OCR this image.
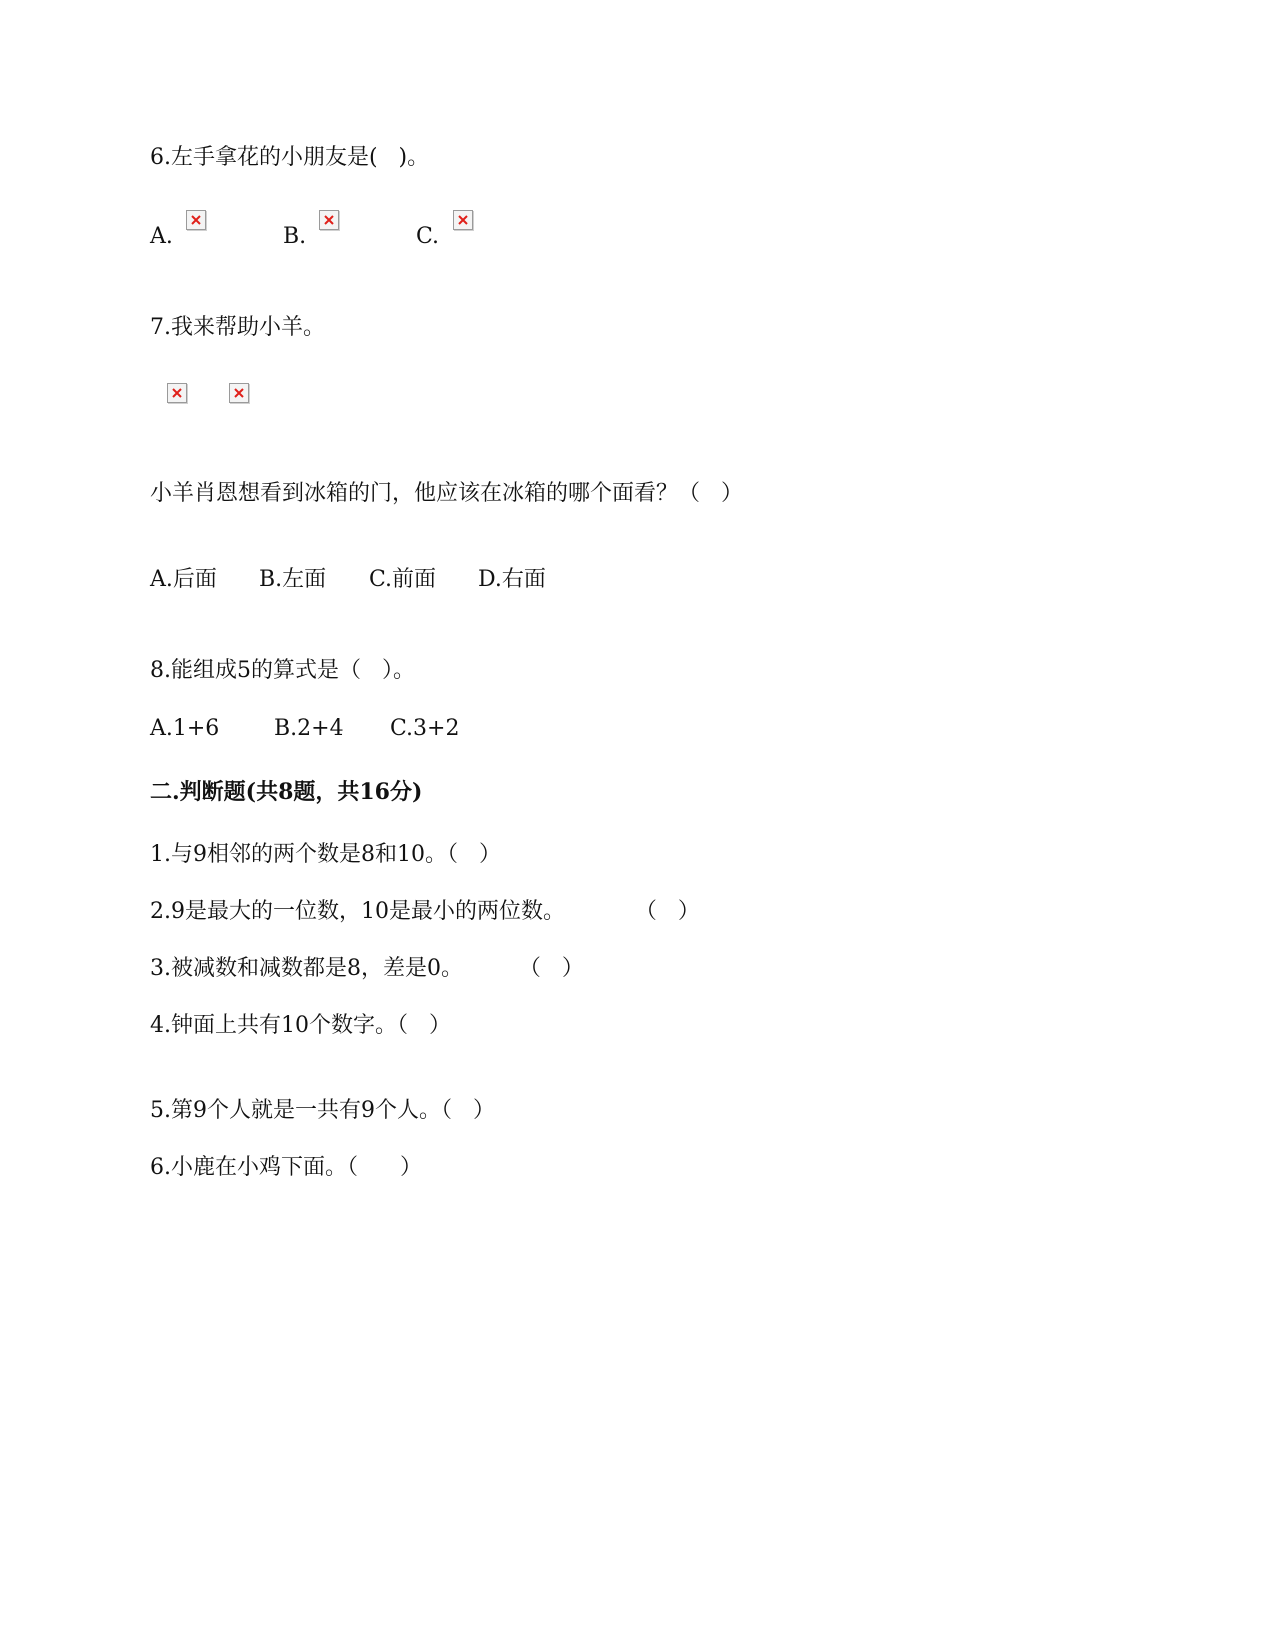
6.左手拿花的小朋友是(   )。
A.	B.	C.
7.我来帮助小羊。
小羊肖恩想看到冰箱的门，他应该在冰箱的哪个面看？（   ）
A.后面 B.左面 C.前面 D.右面
8.能组成5的算式是（   ）。
A.1+6 B.2+4 C.3+2
二.判断题(共8题，共16分)
1.与9相邻的两个数是8和10。（   ）
2.9是最大的一位数，10是最小的两位数。          （   ）
3.被减数和减数都是8，差是0。        （   ）
4.钟面上共有10个数字。（   ）
5.第9个人就是一共有9个人。（   ）
6.小鹿在小鸡下面。（      ）
